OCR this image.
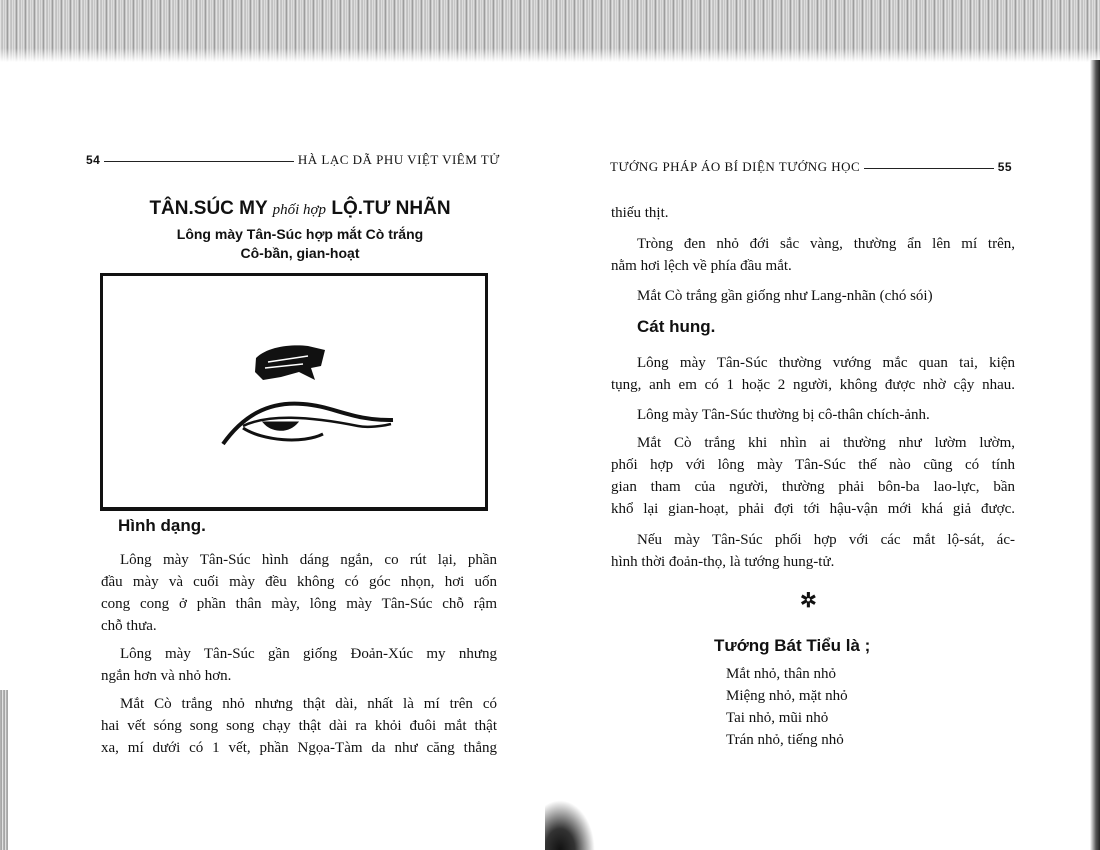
54	HÀ LẠC DÃ PHU VIỆT VIÊM TỬ
TÂN.SÚC MY phối hợp LỘ.TƯ NHÃN
Lông mày Tân-Súc hợp mắt Cò trắng
Cô-bần, gian-hoạt
Hình dạng.
Lông mày Tân-Súc hình dáng ngắn, co rút lại, phần
đầu mày và cuối mày đều không có góc nhọn, hơi uốn
cong cong ở phần thân mày, lông mày Tân-Súc chỗ rậm
chỗ thưa.
Lông mày Tân-Súc gần giống Đoản-Xúc my nhưng
ngắn hơn và nhỏ hơn.
Mắt Cò trắng nhỏ nhưng thật dài, nhất là mí trên có
hai vết sóng song song chạy thật dài ra khỏi đuôi mắt thật
xa, mí dưới có 1 vết, phần Ngọa-Tàm da như căng thẳng
TƯỚNG PHÁP ÁO BÍ DIỆN TƯỚNG HỌC	55
thiếu thịt.
Tròng đen nhỏ đới sắc vàng, thường ẩn lên mí trên,
nằm hơi lệch về phía đầu mắt.
Mắt Cò trắng gần giống như Lang-nhãn (chó sói)
Cát hung.
Lông mày Tân-Súc thường vướng mắc quan tai, kiện
tụng, anh em có 1 hoặc 2 người, không được nhờ cậy nhau.
Lông mày Tân-Súc thường bị cô-thân chích-ảnh.
Mắt Cò trắng khi nhìn ai thường như lườm lườm,
phối hợp với lông mày Tân-Súc thế nào cũng có tính
gian tham của người, thường phải bôn-ba lao-lực, bần
khổ lại gian-hoạt, phải đợi tới hậu-vận mới khá giả được.
Nếu mày Tân-Súc phối hợp với các mắt lộ-sát, ác-
hình thời đoản-thọ, là tướng hung-tử.
✲
Tướng Bát Tiểu là ;
Mắt nhỏ, thân nhỏ
Miệng nhỏ, mặt nhỏ
Tai nhỏ, mũi nhỏ
Trán nhỏ, tiếng nhỏ
